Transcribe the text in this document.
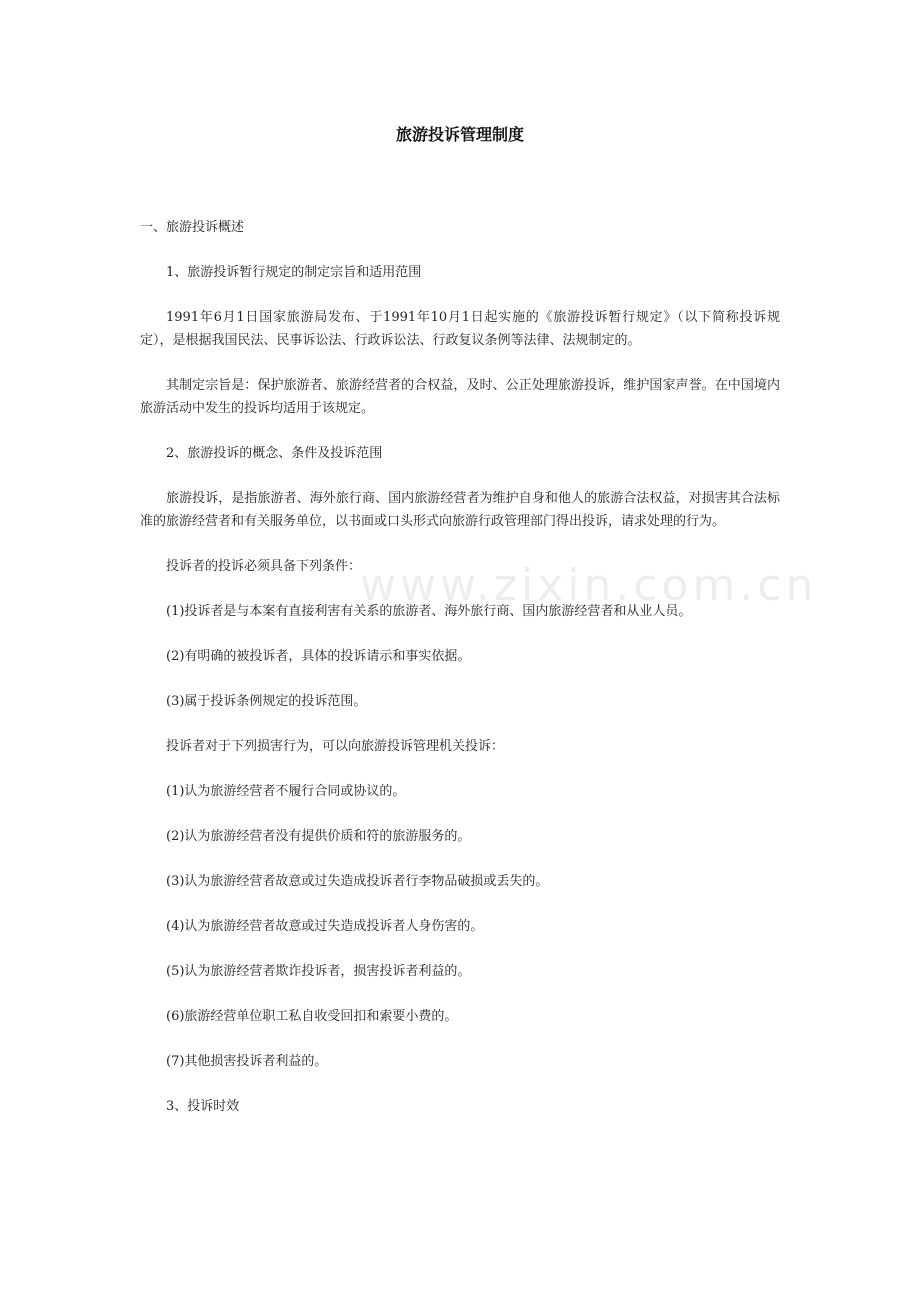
www.zixin.com.cn
旅游投诉管理制度

一、旅游投诉概述

1、旅游投诉暂行规定的制定宗旨和适用范围

1991年6月1日国家旅游局发布、于1991年10月1日起实施的《旅游投诉暂行规定》（以下简称投诉规定），是根据我国民法、民事诉讼法、行政诉讼法、行政复议条例等法律、法规制定的。

其制定宗旨是：保护旅游者、旅游经营者的合权益，及时、公正处理旅游投诉，维护国家声誉。在中国境内旅游活动中发生的投诉均适用于该规定。

2、旅游投诉的概念、条件及投诉范围

旅游投诉，是指旅游者、海外旅行商、国内旅游经营者为维护自身和他人的旅游合法权益，对损害其合法标准的旅游经营者和有关服务单位，以书面或口头形式向旅游行政管理部门得出投诉，请求处理的行为。

投诉者的投诉必须具备下列条件：

(1)投诉者是与本案有直接利害有关系的旅游者、海外旅行商、国内旅游经营者和从业人员。

(2)有明确的被投诉者，具体的投诉请示和事实依据。

(3)属于投诉条例规定的投诉范围。

投诉者对于下列损害行为，可以向旅游投诉管理机关投诉：

(1)认为旅游经营者不履行合同或协议的。

(2)认为旅游经营者没有提供价质和符的旅游服务的。

(3)认为旅游经营者故意或过失造成投诉者行李物品破损或丢失的。

(4)认为旅游经营者故意或过失造成投诉者人身伤害的。

(5)认为旅游经营者欺诈投诉者，损害投诉者利益的。

(6)旅游经营单位职工私自收受回扣和索要小费的。

(7)其他损害投诉者利益的。

3、投诉时效
